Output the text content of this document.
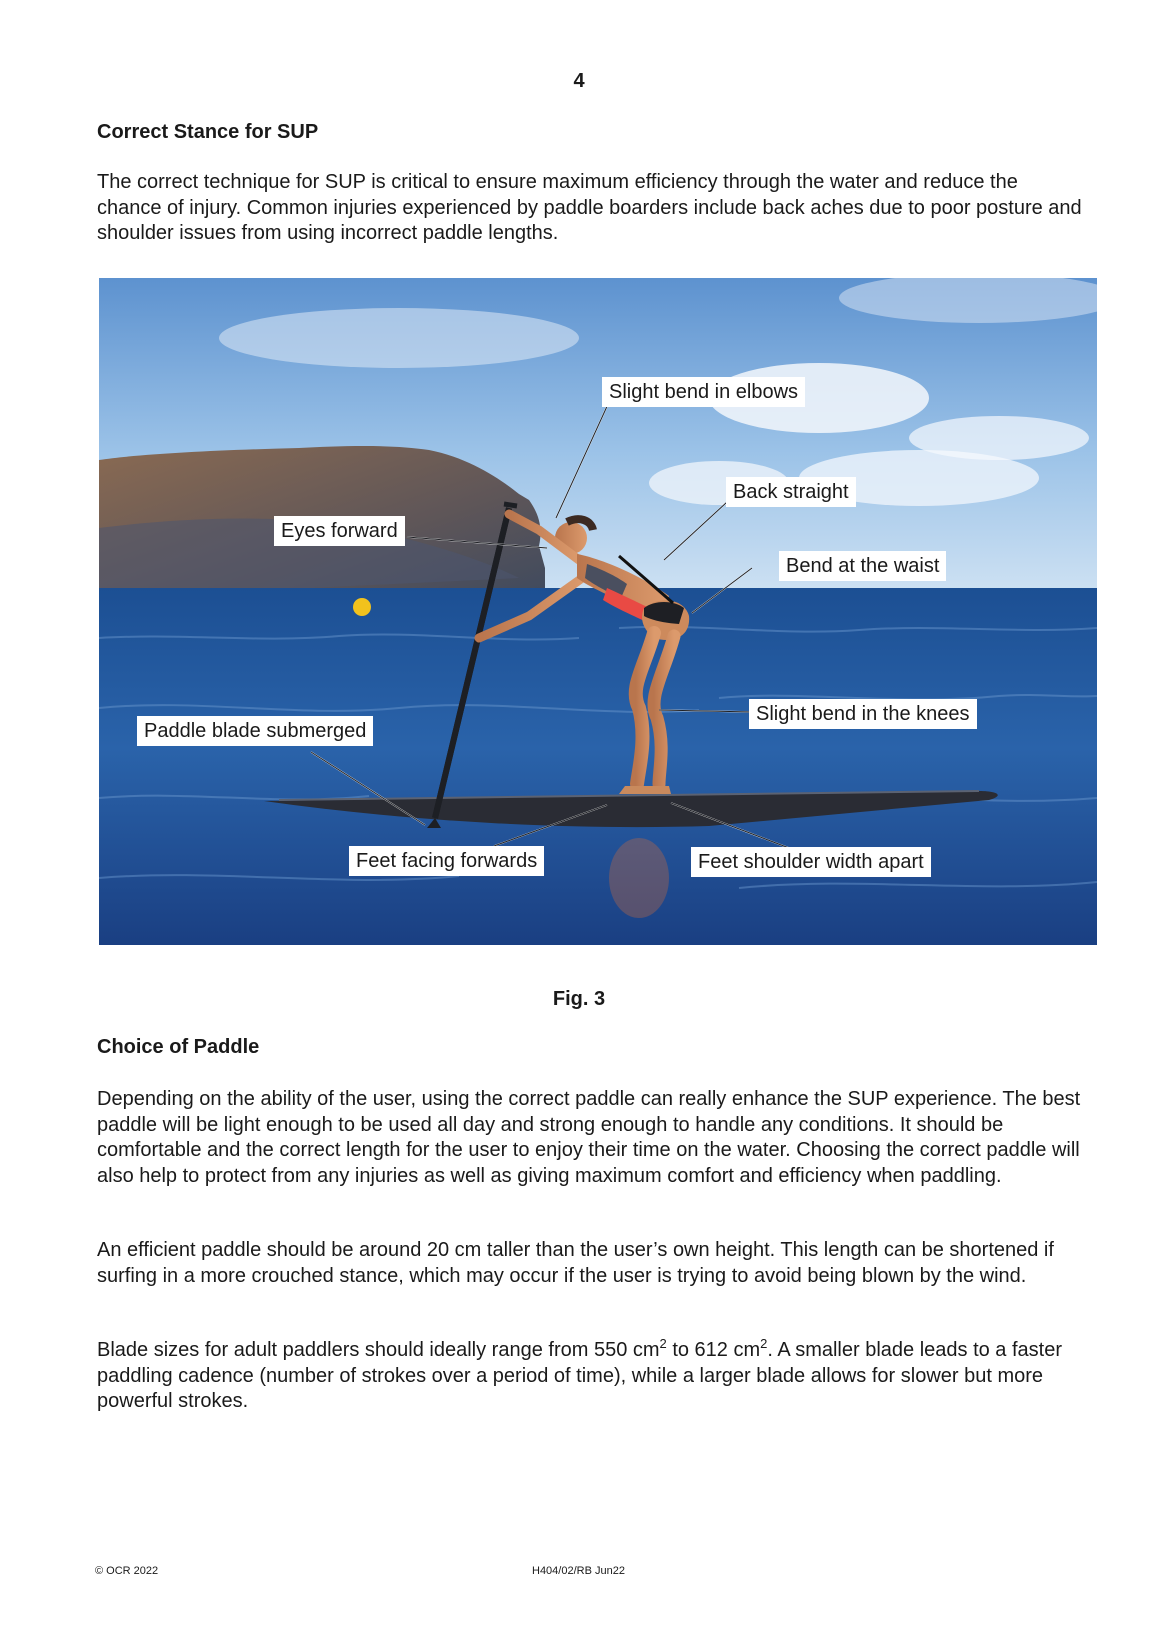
4
Correct Stance for SUP

The correct technique for SUP is critical to ensure maximum efficiency through the water and reduce the chance of injury. Common injuries experienced by paddle boarders include back aches due to poor posture and shoulder issues from using incorrect paddle lengths.

Slight bend in elbows
Back straight
Eyes forward
Bend at the waist
Slight bend in the knees
Paddle blade submerged
Feet facing forwards	Feet shoulder width apart
Fig. 3
Choice of Paddle

Depending on the ability of the user, using the correct paddle can really enhance the SUP experience. The best paddle will be light enough to be used all day and strong enough to handle any conditions. It should be comfortable and the correct length for the user to enjoy their time on the water. Choosing the correct paddle will also help to protect from any injuries as well as giving maximum comfort and efficiency when paddling.

An efficient paddle should be around 20 cm taller than the user’s own height. This length can be shortened if surfing in a more crouched stance, which may occur if the user is trying to avoid being blown by the wind.

Blade sizes for adult paddlers should ideally range from 550 $cm^2$ to 612 $cm^2$. A smaller blade leads to a faster paddling cadence (number of strokes over a period of time), while a larger blade allows for slower but more powerful strokes.

© OCR 2022	H404/02/RB Jun22
